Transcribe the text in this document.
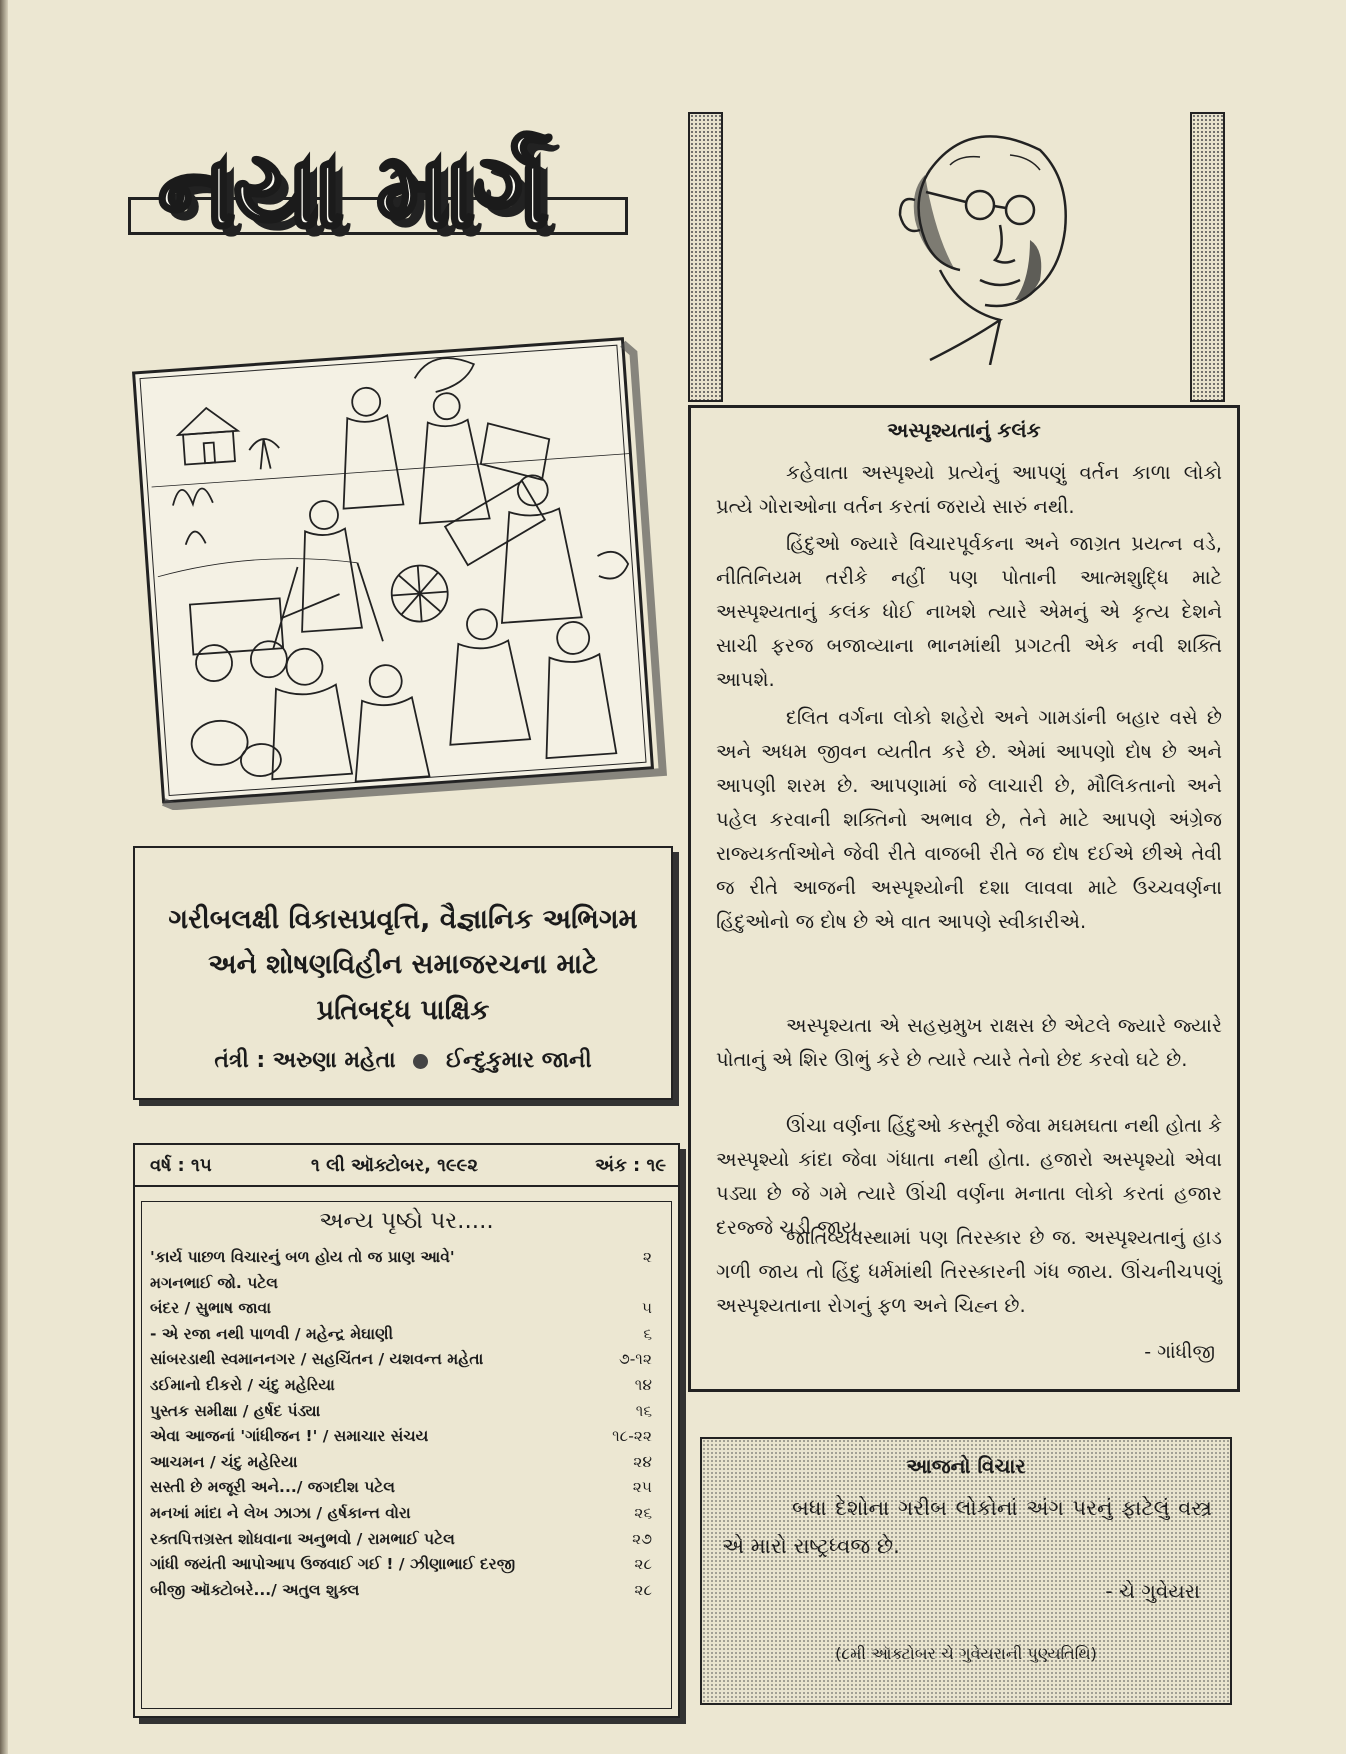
નયા માર્ગ
ગરીબલક્ષી વિકાસપ્રવૃત્તિ, વૈજ્ઞાનિક અભિગમ
અને શોષણવિહીન સમાજરચના માટે
પ્રતિબદ્ધ પાક્ષિક
તંત્રી : અરુણા મહેતા ઈન્દુકુમાર જાની
વર્ષ : ૧૫	૧ લી ઑક્ટોબર, ૧૯૯૨	અંક : ૧૯
અન્ય પૃષ્ઠો પર.....
'કાર્ય પાછળ વિચારનું બળ હોય તો જ પ્રાણ આવે'	૨
મગનભાઈ જો. પટેલ
બંદર / સુભાષ જાવા	૫
- એ રજા નથી પાળવી / મહેન્દ્ર મેઘાણી	૬
સાંબરડાથી સ્વમાનનગર / સહચિંતન / યશવન્ત મહેતા	૭-૧૨
ડઈમાનો દીકરો / ચંદુ મહેરિયા	૧૪
પુસ્તક સમીક્ષા / હર્ષદ પંડ્યા	૧૬
એવા આજનાં 'ગાંધીજન !' / સમાચાર સંચય	૧૮-૨૨
આચમન / ચંદુ મહેરિયા	૨૪
સસ્તી છે મજૂરી અને.../ જગદીશ પટેલ	૨૫
મનખાં માંદા ને લેખ ઝાઝા / હર્ષકાન્ત વોરા	૨૬
રક્તપિત્તગ્રસ્ત શોધવાના અનુભવો / રામભાઈ પટેલ	૨૭
ગાંધી જયંતી આપોઆપ ઉજવાઈ ગઈ ! / ઝીણાભાઈ દરજી	૨૮
બીજી ઑક્ટોબરે.../ અતુલ શુક્લ	૨૮
અસ્પૃશ્યતાનું કલંક

કહેવાતા અસ્પૃશ્યો પ્રત્યેનું આપણું વર્તન કાળા લોકો પ્રત્યે ગોરાઓના વર્તન કરતાં જરાયે સારું નથી.

હિંદુઓ જ્યારે વિચારપૂર્વકના અને જાગ્રત પ્રયત્ન વડે, નીતિનિયમ તરીકે નહીં પણ પોતાની આત્મશુદ્ધિ માટે અસ્પૃશ્યતાનું કલંક ધોઈ નાખશે ત્યારે એમનું એ કૃત્ય દેશને સાચી ફરજ બજાવ્યાના ભાનમાંથી પ્રગટતી એક નવી શક્તિ આપશે.

દલિત વર્ગના લોકો શહેરો અને ગામડાંની બહાર વસે છે અને અધમ જીવન વ્યતીત કરે છે. એમાં આપણો દોષ છે અને આપણી શરમ છે. આપણામાં જે લાચારી છે, મૌલિકતાનો અને પહેલ કરવાની શક્તિનો અભાવ છે, તેને માટે આપણે અંગ્રેજ રાજ્યકર્તાઓને જેવી રીતે વાજબી રીતે જ દોષ દઈએ છીએ તેવી જ રીતે આજની અસ્પૃશ્યોની દશા લાવવા માટે ઉચ્ચવર્ણના હિંદુઓનો જ દોષ છે એ વાત આપણે સ્વીકારીએ.

અસ્પૃશ્યતા એ સહસ્રમુખ રાક્ષસ છે એટલે જ્યારે જ્યારે પોતાનું એ શિર ઊભું કરે છે ત્યારે ત્યારે તેનો છેદ કરવો ઘટે છે.

ઊંચા વર્ણના હિંદુઓ કસ્તૂરી જેવા મઘમઘતા નથી હોતા કે અસ્પૃશ્યો કાંદા જેવા ગંધાતા નથી હોતા. હજારો અસ્પૃશ્યો એવા પડ્યા છે જે ગમે ત્યારે ઊંચી વર્ણના મનાતા લોકો કરતાં હજાર દરજ્જે ચડી જાય.

જાતિવ્યવસ્થામાં પણ તિરસ્કાર છે જ. અસ્પૃશ્યતાનું હાડ ગળી જાય તો હિંદુ ધર્મમાંથી તિરસ્કારની ગંધ જાય. ઊંચનીચપણું અસ્પૃશ્યતાના રોગનું ફળ અને ચિહ્ન છે.

- ગાંધીજી
આજનો વિચાર

બધા દેશોના ગરીબ લોકોનાં અંગ પરનું ફાટેલું વસ્ત્ર એ મારો રાષ્ટ્રધ્વજ છે.

- ચે ગુવેયરા
(૮મી ઑક્ટોબર ચે ગુવેયરાની પુણ્યતિથિ)
